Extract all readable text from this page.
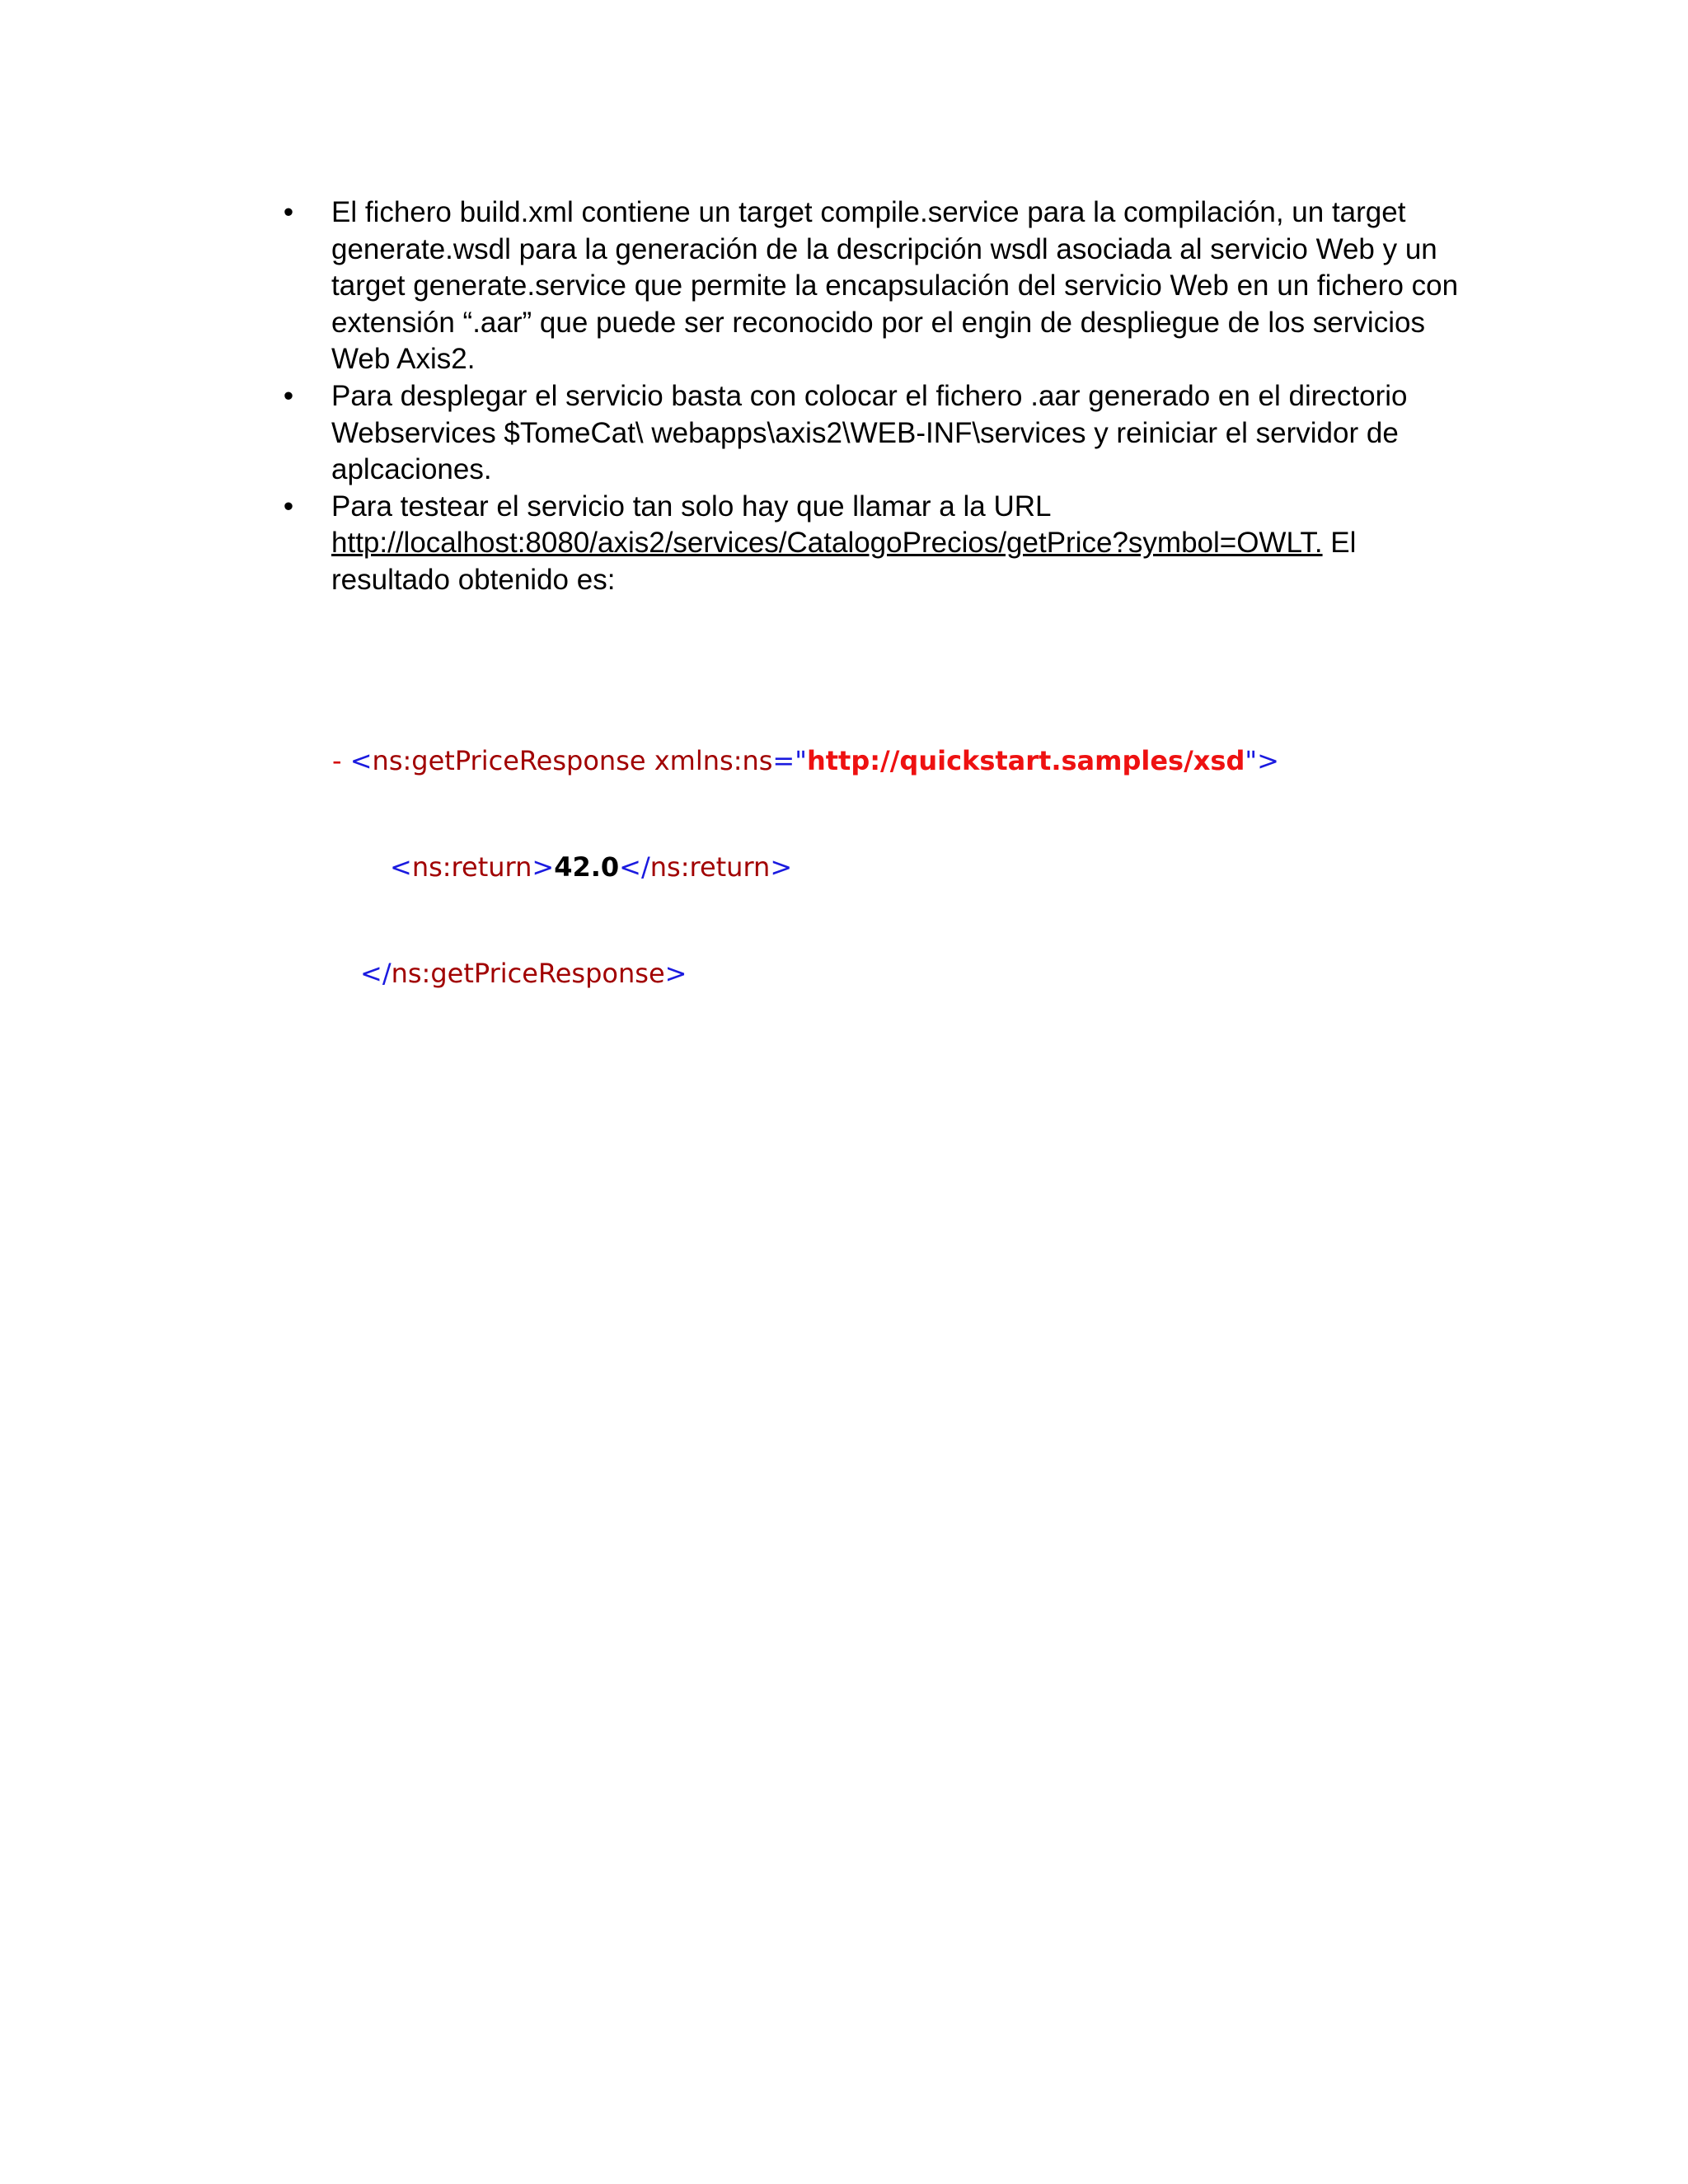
• El fichero build.xml contiene un target compile.service para la compilación, un target generate.wsdl para la generación de la descripción wsdl asociada al servicio Web y un target generate.service que permite la encapsulación del servicio Web en un fichero con extensión “.aar” que puede ser reconocido por el engin de despliegue de los servicios Web Axis2.
• Para desplegar el servicio basta con colocar el fichero .aar generado en el directorio Webservices $TomeCat\ webapps\axis2\WEB-INF\services y reiniciar el servidor de aplcaciones.
• Para testear el servicio tan solo hay que llamar a la URL http://localhost:8080/axis2/services/CatalogoPrecios/getPrice?symbol=OWLT. El resultado obtenido es:

- <ns:getPriceResponse xmlns:ns="http://quickstart.samples/xsd">

<ns:return>42.0</ns:return>

</ns:getPriceResponse>
